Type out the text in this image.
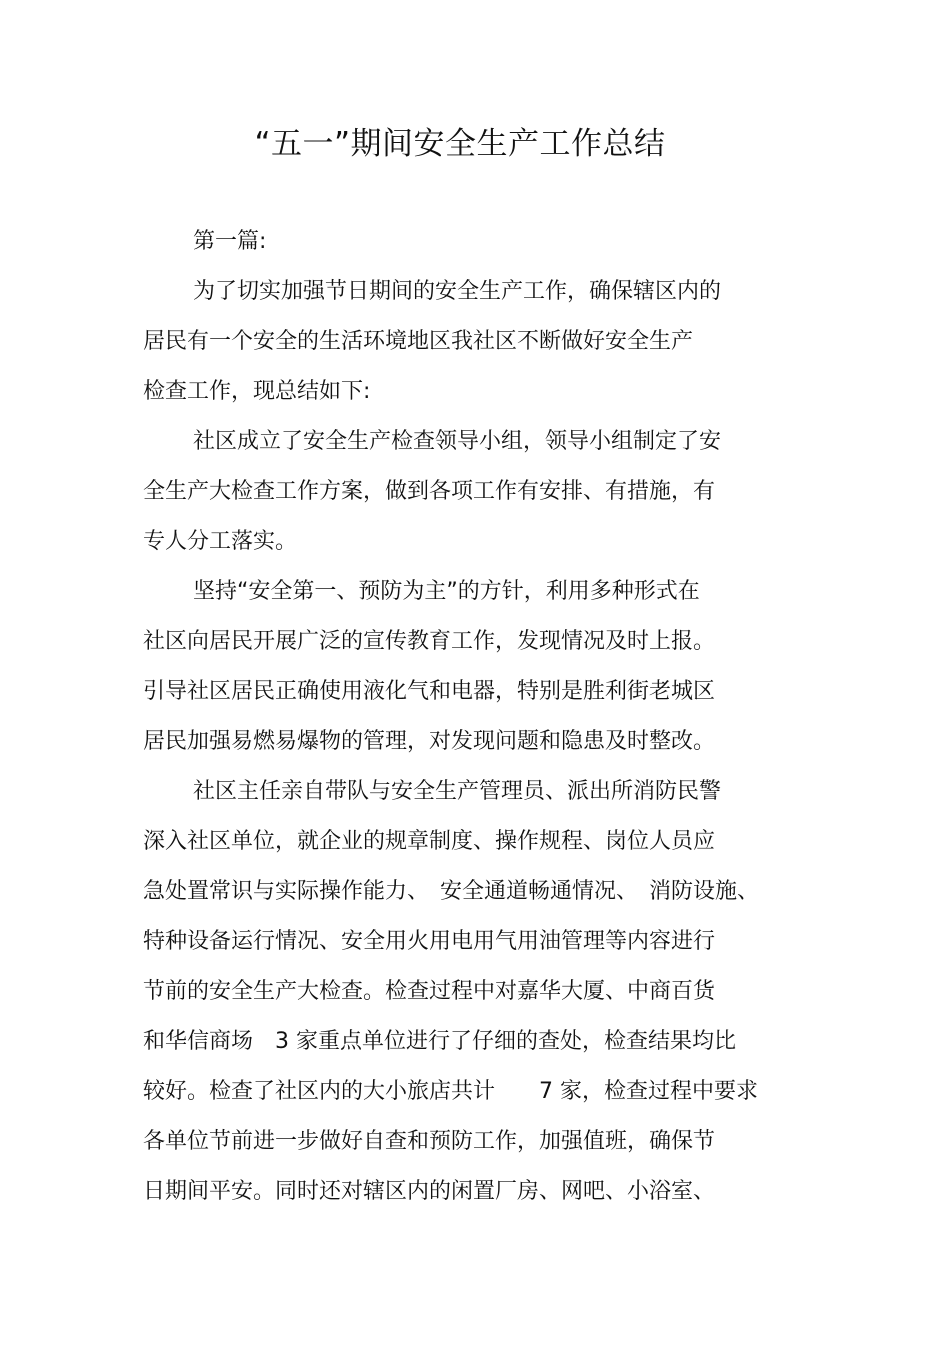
“五一”期间安全生产工作总结
第一篇:
为了切实加强节日期间的安全生产工作，确保辖区内的
居民有一个安全的生活环境地区我社区不断做好安全生产
检查工作，现总结如下:
社区成立了安全生产检查领导小组，领导小组制定了安
全生产大检查工作方案，做到各项工作有安排、有措施，有
专人分工落实。
坚持“安全第一、预防为主”的方针，利用多种形式在
社区向居民开展广泛的宣传教育工作，发现情况及时上报。
引导社区居民正确使用液化气和电器，特别是胜利街老城区
居民加强易燃易爆物的管理，对发现问题和隐患及时整改。
社区主任亲自带队与安全生产管理员、派出所消防民警
深入社区单位，就企业的规章制度、操作规程、岗位人员应
急处置常识与实际操作能力、　安全通道畅通情况、　消防设施、
特种设备运行情况、安全用火用电用气用油管理等内容进行
节前的安全生产大检查。检查过程中对嘉华大厦、中商百货
和华信商场　3 家重点单位进行了仔细的查处，检查结果均比
较好。检查了社区内的大小旅店共计　　7 家，检查过程中要求
各单位节前进一步做好自查和预防工作，加强值班，确保节
日期间平安。同时还对辖区内的闲置厂房、网吧、小浴室、
